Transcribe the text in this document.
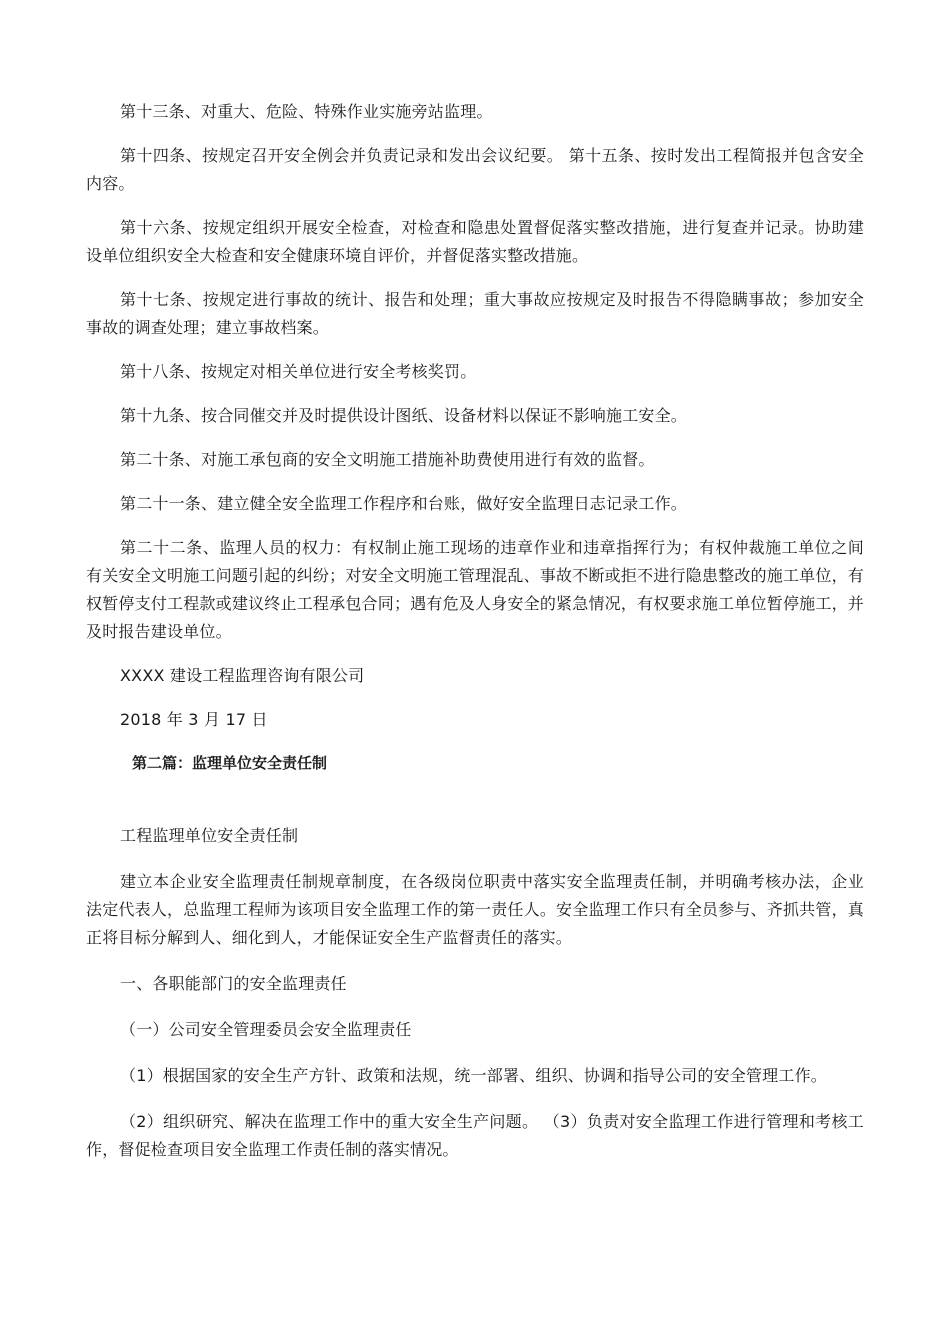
第十三条、对重大、危险、特殊作业实施旁站监理。

第十四条、按规定召开安全例会并负责记录和发出会议纪要。 第十五条、按时发出工程简报并包含安全内容。

第十六条、按规定组织开展安全检查，对检查和隐患处置督促落实整改措施，进行复查并记录。协助建设单位组织安全大检查和安全健康环境自评价，并督促落实整改措施。

第十七条、按规定进行事故的统计、报告和处理；重大事故应按规定及时报告不得隐瞒事故；参加安全事故的调查处理；建立事故档案。

第十八条、按规定对相关单位进行安全考核奖罚。

第十九条、按合同催交并及时提供设计图纸、设备材料以保证不影响施工安全。

第二十条、对施工承包商的安全文明施工措施补助费使用进行有效的监督。

第二十一条、建立健全安全监理工作程序和台账，做好安全监理日志记录工作。

第二十二条、监理人员的权力：有权制止施工现场的违章作业和违章指挥行为；有权仲裁施工单位之间有关安全文明施工问题引起的纠纷；对安全文明施工管理混乱、事故不断或拒不进行隐患整改的施工单位，有权暂停支付工程款或建议终止工程承包合同；遇有危及人身安全的紧急情况，有权要求施工单位暂停施工，并及时报告建设单位。

XXXX 建设工程监理咨询有限公司

2018 年 3 月 17 日

第二篇：监理单位安全责任制

工程监理单位安全责任制

建立本企业安全监理责任制规章制度，在各级岗位职责中落实安全监理责任制，并明确考核办法，企业法定代表人，总监理工程师为该项目安全监理工作的第一责任人。安全监理工作只有全员参与、齐抓共管，真正将目标分解到人、细化到人，才能保证安全生产监督责任的落实。

一、各职能部门的安全监理责任

（一）公司安全管理委员会安全监理责任

（1）根据国家的安全生产方针、政策和法规，统一部署、组织、协调和指导公司的安全管理工作。

（2）组织研究、解决在监理工作中的重大安全生产问题。 （3）负责对安全监理工作进行管理和考核工作，督促检查项目安全监理工作责任制的落实情况。
